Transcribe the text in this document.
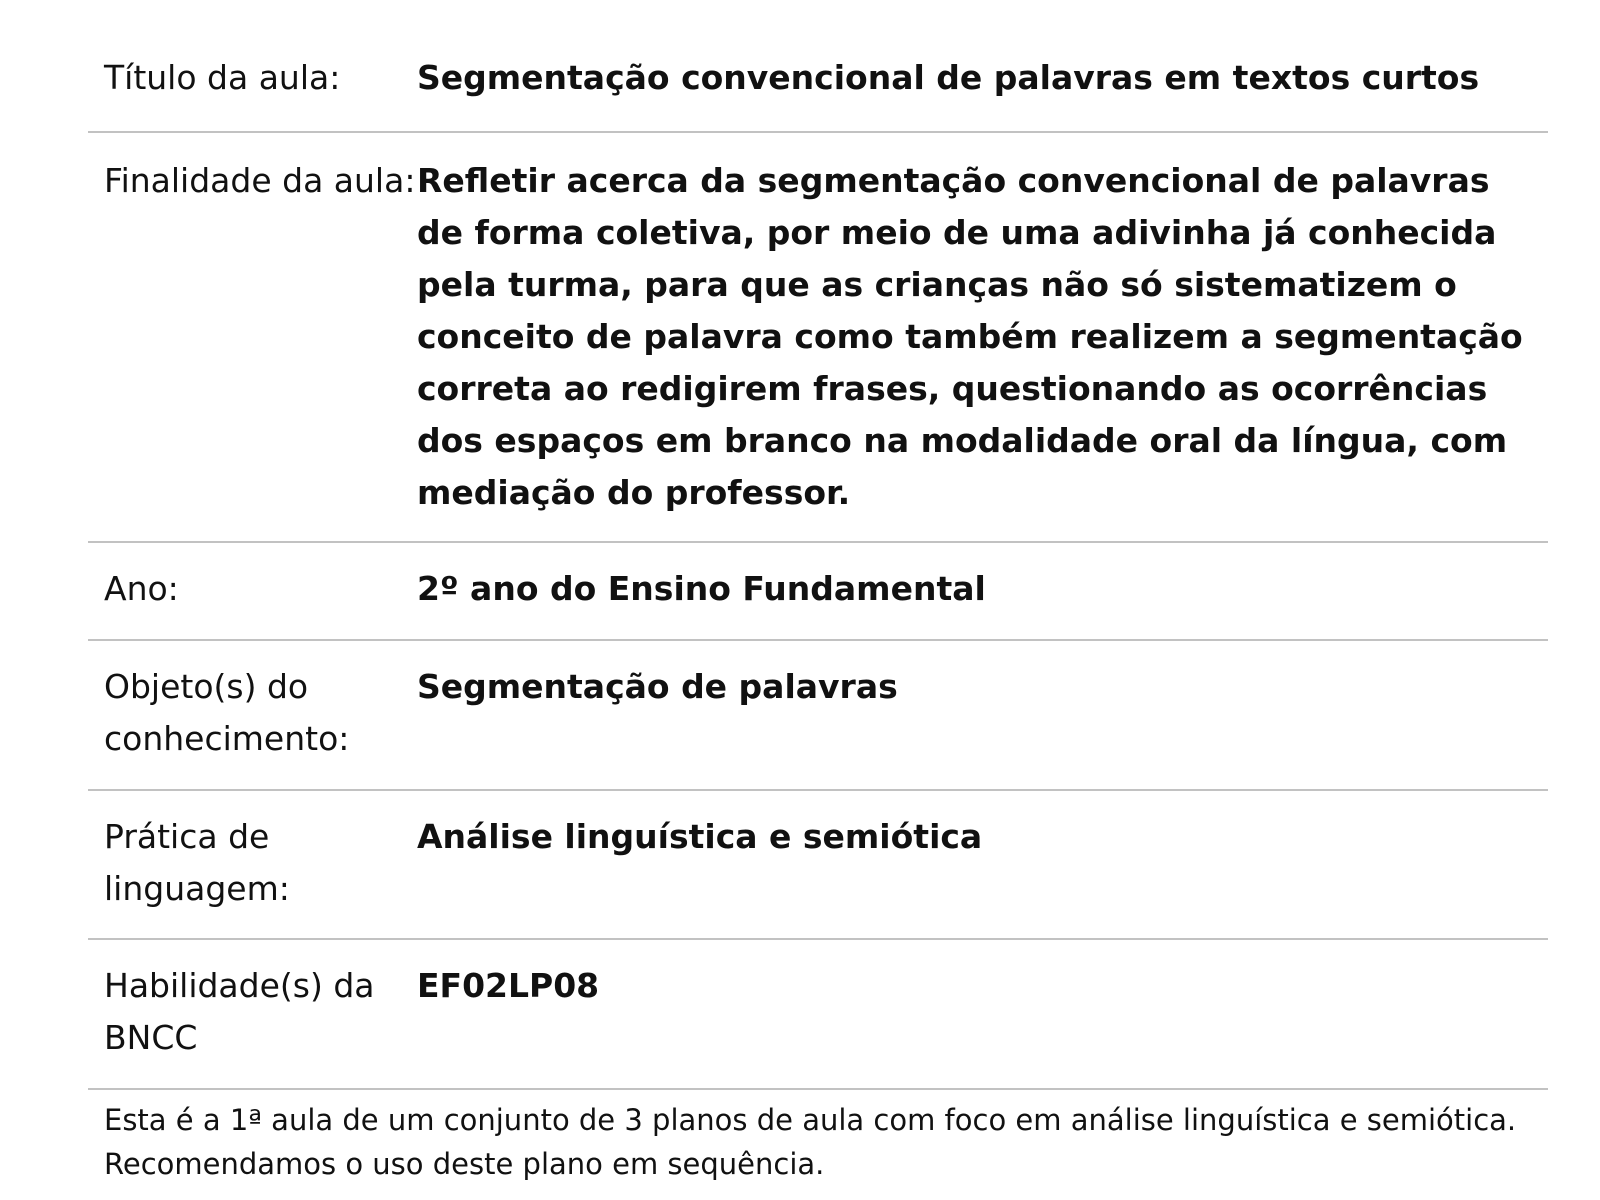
Título da aula:	Segmentação convencional de palavras em textos curtos
Finalidade da aula: Refletir acerca da segmentação convencional de palavras de forma coletiva, por meio de uma adivinha já conhecida pela turma, para que as crianças não só sistematizem o conceito de palavra como também realizem a segmentação correta ao redigirem frases, questionando as ocorrências dos espaços em branco na modalidade oral da língua, com mediação do professor.
Ano:	2º ano do Ensino Fundamental
Objeto(s) do conhecimento:
Segmentação de palavras
Prática de linguagem:
Análise linguística e semiótica
Habilidade(s) da BNCC
EF02LP08
Esta é a 1ª aula de um conjunto de 3 planos de aula com foco em análise linguística e semiótica. Recomendamos o uso deste plano em sequência.
